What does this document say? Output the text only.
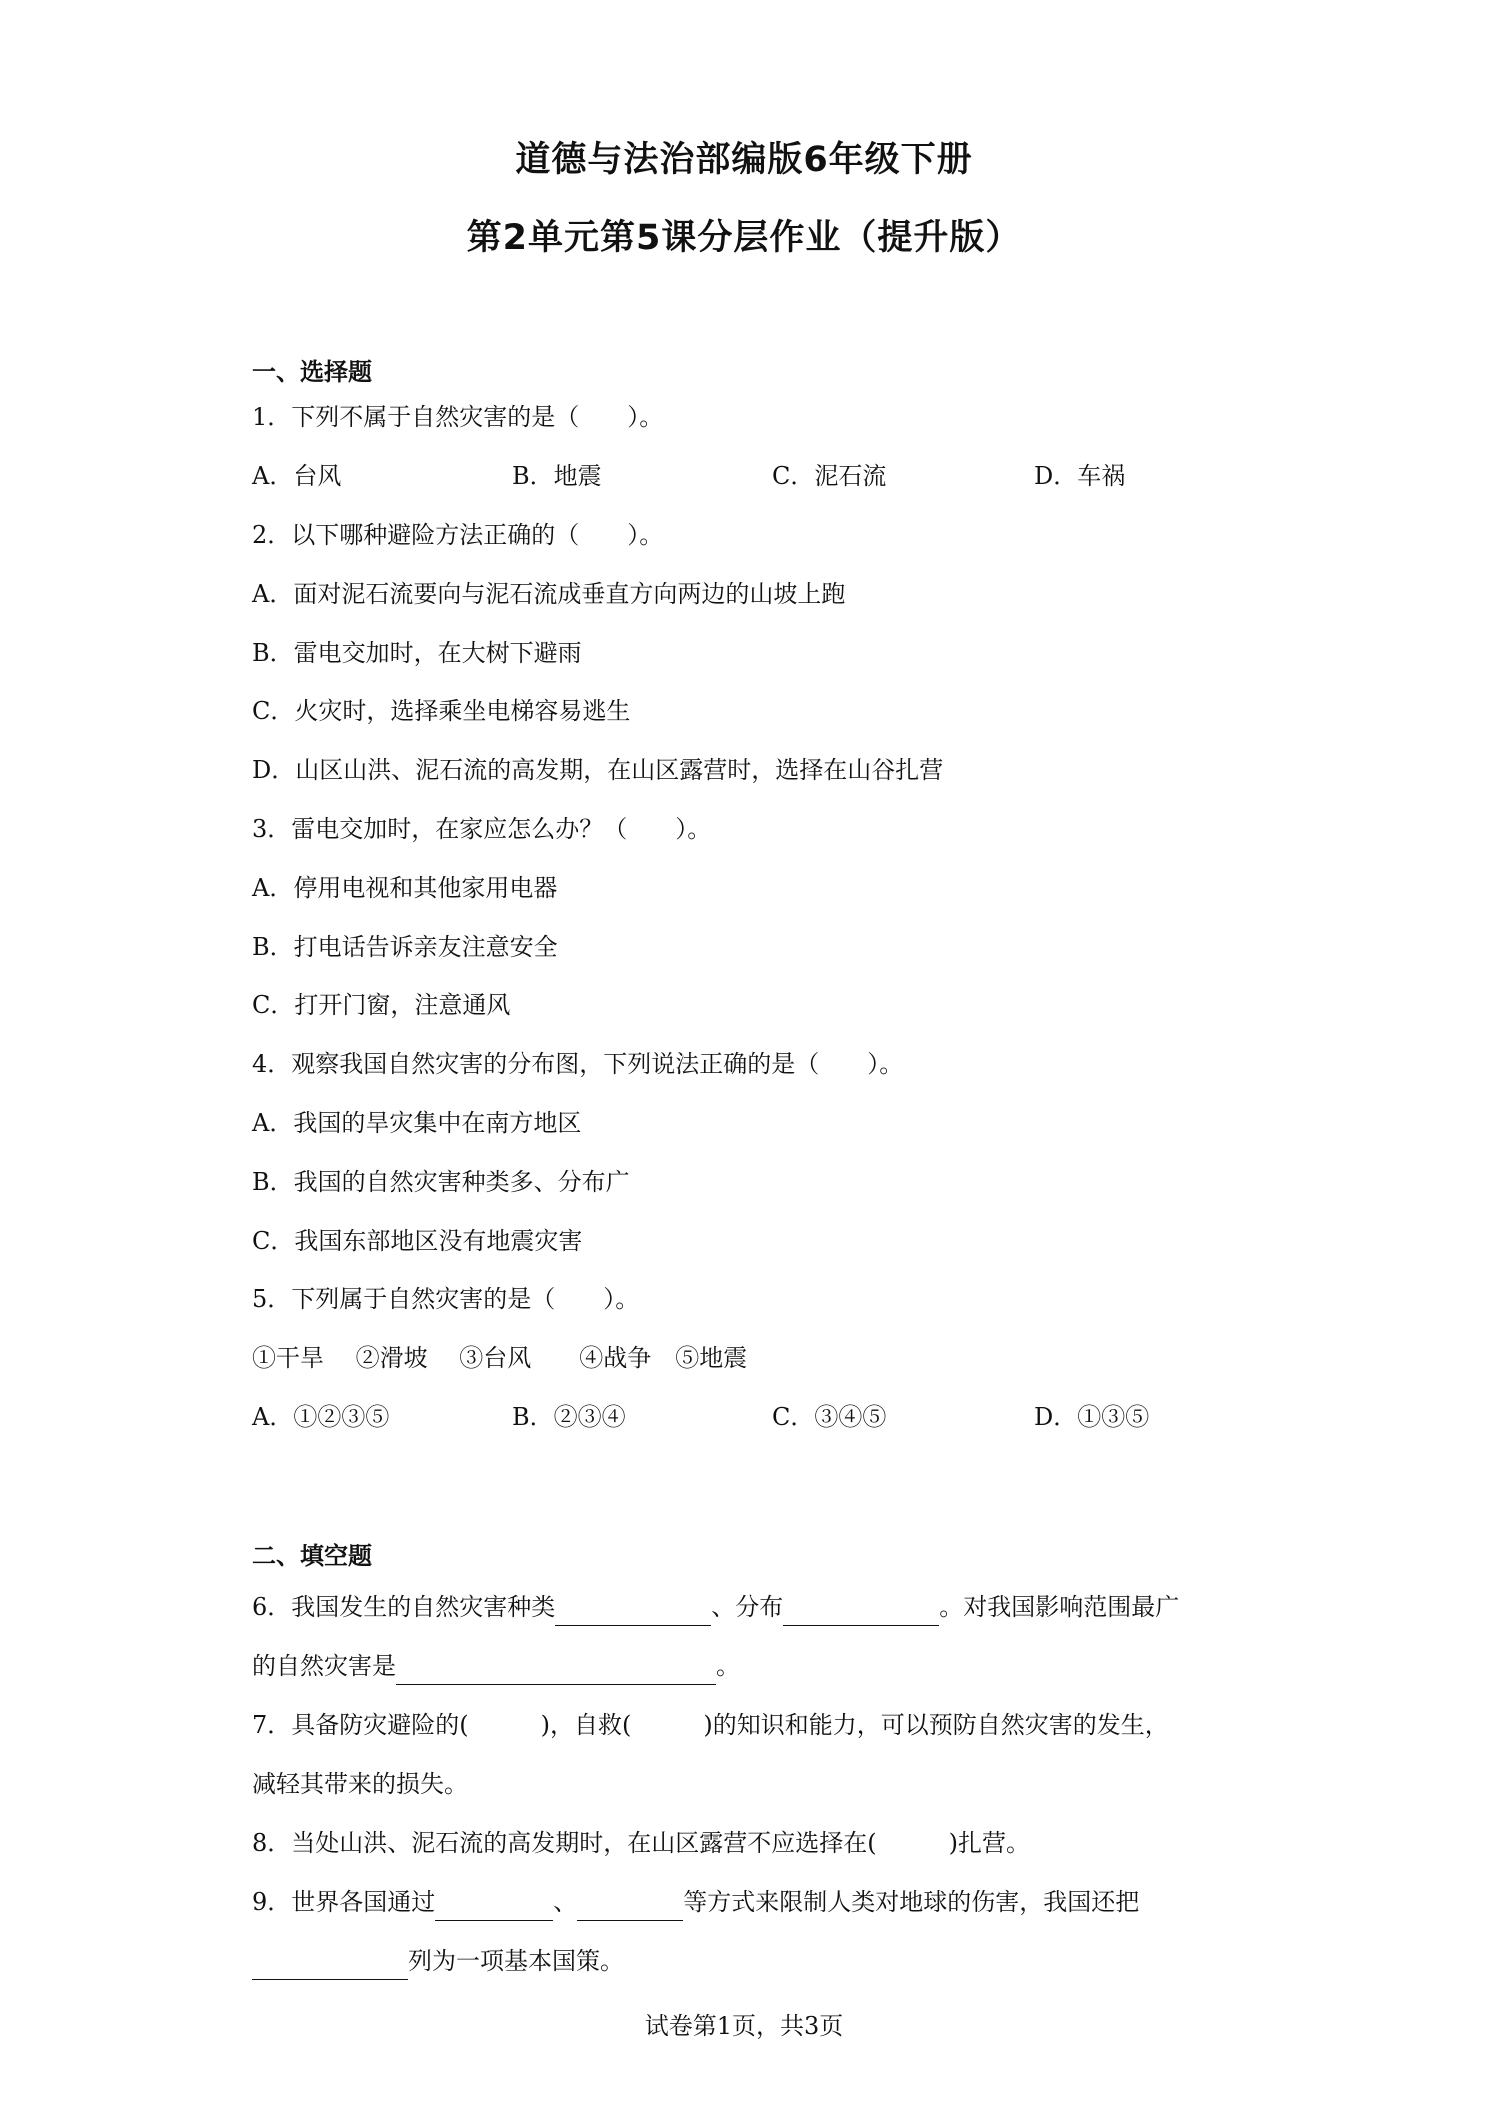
道德与法治部编版6年级下册
第2单元第5课分层作业（提升版）
一、选择题
1．下列不属于自然灾害的是（　　）。
A．台风	B．地震	C．泥石流	D．车祸
2．以下哪种避险方法正确的（　　）。
A．面对泥石流要向与泥石流成垂直方向两边的山坡上跑
B．雷电交加时，在大树下避雨
C．火灾时，选择乘坐电梯容易逃生
D．山区山洪、泥石流的高发期，在山区露营时，选择在山谷扎营
3．雷电交加时，在家应怎么办？（　　）。
A．停用电视和其他家用电器
B．打电话告诉亲友注意安全
C．打开门窗，注意通风
4．观察我国自然灾害的分布图，下列说法正确的是（　　）。
A．我国的旱灾集中在南方地区
B．我国的自然灾害种类多、分布广
C．我国东部地区没有地震灾害
5．下列属于自然灾害的是（　　）。
①干旱　 ②滑坡　 ③台风　　④战争　⑤地震
A．①②③⑤	B．②③④	C．③④⑤	D．①③⑤
二、填空题
6．我国发生的自然灾害种类	、分布	。对我国影响范围最广
的自然灾害是	。
7．具备防灾避险的(	)，自救(	)的知识和能力，可以预防自然灾害的发生，
减轻其带来的损失。
8．当处山洪、泥石流的高发期时，在山区露营不应选择在(	)扎营。
9．世界各国通过	、	等方式来限制人类对地球的伤害，我国还把
列为一项基本国策。
试卷第1页，共3页
